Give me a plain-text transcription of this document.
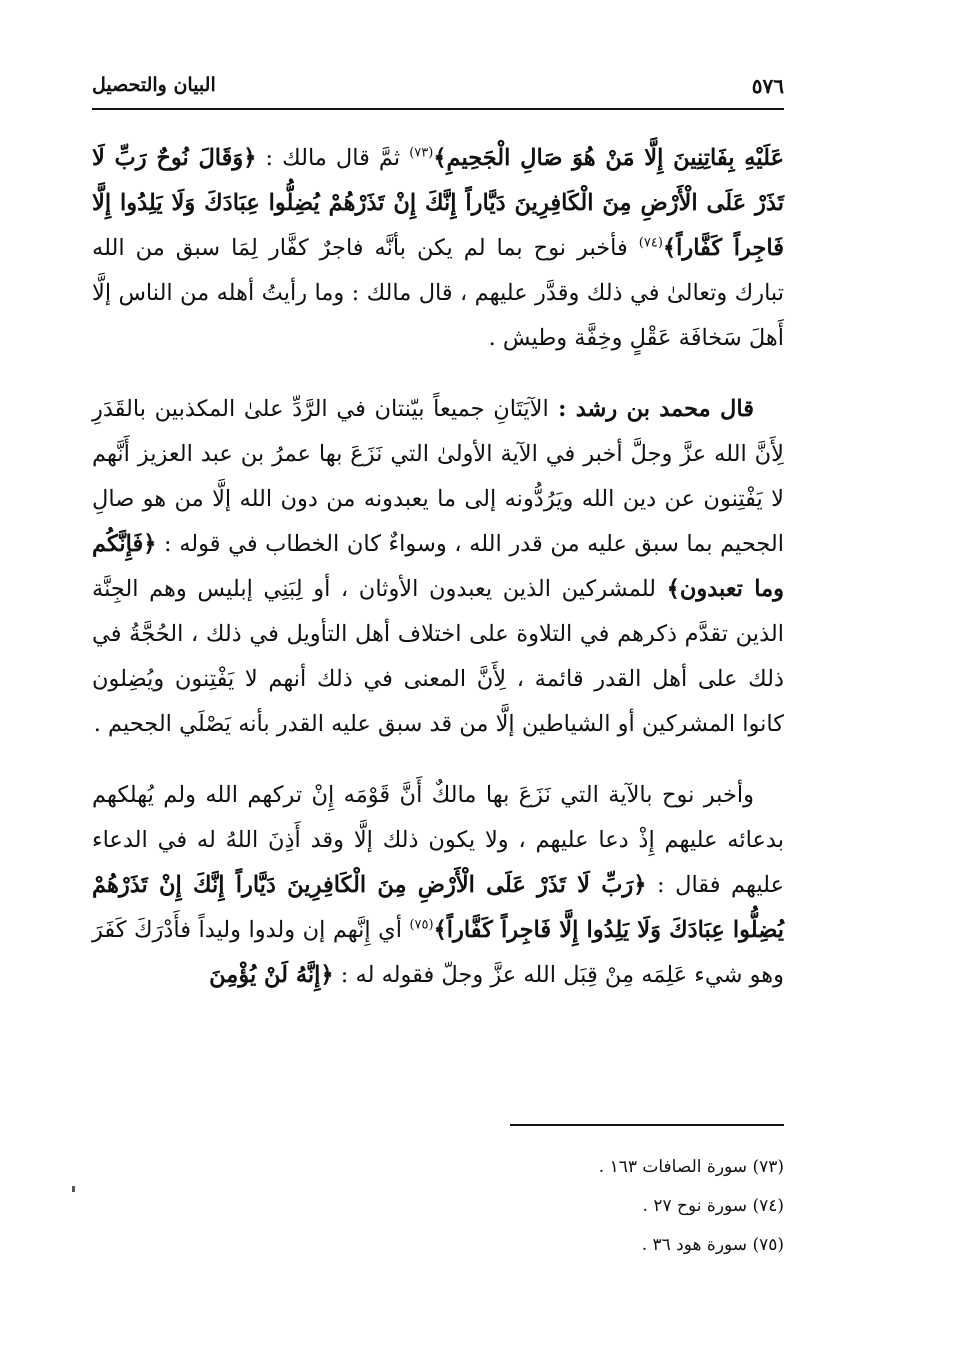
٥٧٦
البيان والتحصيل

عَلَيْهِ بِفَاتِنِينَ إِلَّا مَنْ هُوَ صَالِ الْجَحِيمِ﴾$^{(٧٣)}$ ثمَّ قال مالك : ﴿وَقَالَ نُوحٌ رَبِّ لَا تَذَرْ عَلَى الْأَرْضِ مِنَ الْكَافِرِينَ دَيَّاراً إِنَّكَ إِنْ تَذَرْهُمْ يُضِلُّوا عِبَادَكَ وَلَا يَلِدُوا إِلَّا فَاجِراً كَفَّاراً﴾$^{(٧٤)}$ فأخبر نوح بما لم يكن بأنَّه فاجرٌ كفَّار لِمَا سبق من الله تبارك وتعالىٰ في ذلك وقدَّر عليهم ، قال مالك : وما رأيتُ أهله من الناس إلَّا أَهلَ سَخافَة عَقْلٍ وخِفَّة وطيش .

قال محمد بن رشد : الآيَتَانِ جميعاً بيّنتان في الرَّدِّ علىٰ المكذبين بالقَدَرِ لِأَنَّ الله عزَّ وجلَّ أخبر في الآية الأولىٰ التي نَزَعَ بها عمرُ بن عبد العزيز أَنَّهم لا يَفْتِنون عن دين الله ويَرُدُّونه إلى ما يعبدونه من دون الله إلَّا من هو صالِ الجحيم بما سبق عليه من قدر الله ، وسواءٌ كان الخطاب في قوله : ﴿فَإِنَّكُم وما تعبدون﴾ للمشركين الذين يعبدون الأوثان ، أو لِبَنِي إبليس وهم الجِنَّة الذين تقدَّم ذكرهم في التلاوة على اختلاف أهل التأويل في ذلك ، الحُجَّةُ في ذلك على أهل القدر قائمة ، لِأَنَّ المعنى في ذلك أنهم لا يَفْتِنون ويُضِلون كانوا المشركين أو الشياطين إلَّا من قد سبق عليه القدر بأنه يَصْلَي الجحيم .

وأخبر نوح بالآية التي نَزَعَ بها مالكٌ أَنَّ قَوْمَه إِنْ تركهم الله ولم يُهلكهم بدعائه عليهم إِذْ دعا عليهم ، ولا يكون ذلك إلَّا وقد أَذِنَ اللهُ له في الدعاء عليهم فقال : ﴿رَبِّ لَا تَذَرْ عَلَى الْأَرْضِ مِنَ الْكَافِرِينَ دَيَّاراً إِنَّكَ إِنْ تَذَرْهُمْ يُضِلُّوا عِبَادَكَ وَلَا يَلِدُوا إِلَّا فَاجِراً كَفَّاراً﴾$^{(٧٥)}$ أي إِنَّهم إن ولدوا وليداً فأَدْرَكَ كَفَرَ وهو شيء عَلِمَه مِنْ قِبَل الله عزَّ وجلّ فقوله له : ﴿إِنَّهُ لَنْ يُؤْمِنَ

(٧٣) سورة الصافات ١٦٣ .
(٧٤) سورة نوح ٢٧ .
(٧٥) سورة هود ٣٦ .
